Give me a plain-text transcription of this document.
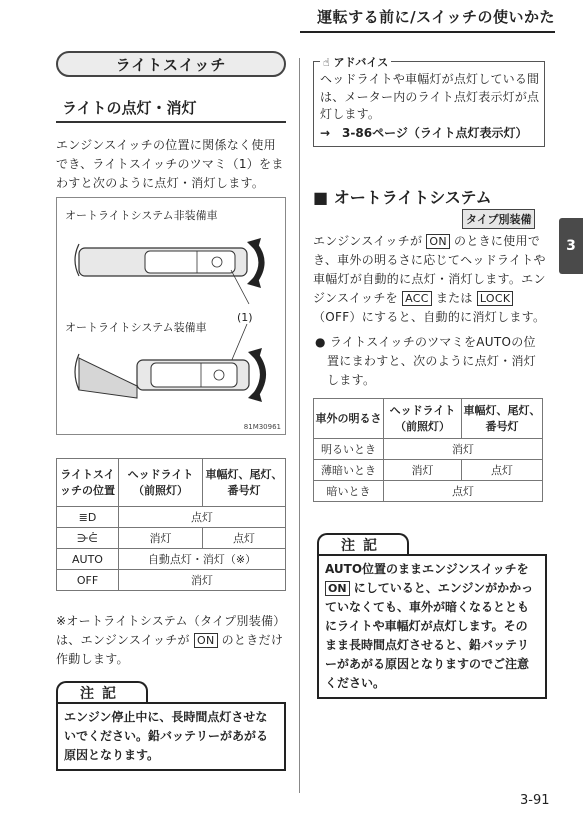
運転する前に/スイッチの使いかた
3
ライトスイッチ
ライトの点灯・消灯
エンジンスイッチの位置に関係なく使用でき、ライトスイッチのツマミ（1）をまわすと次のように点灯・消灯します。
オートライトシステム非装備車
オートライトシステム装備車
(1)
81M30961
ライトスイッチの位置	ヘッドライト（前照灯）	車幅灯、尾灯、番号灯
≣D	点灯	
⋺⋵	消灯	点灯
AUTO	自動点灯・消灯（※）	
OFF	消灯	
※オートライトシステム（タイプ別装備）は、エンジンスイッチが ON のときだけ作動します。
注記
エンジン停止中に、長時間点灯させないでください。鉛バッテリーがあがる原因となります。
☝ アドバイス
ヘッドライトや車幅灯が点灯している間は、メーター内のライト点灯表示灯が点灯します。
→　3-86ページ（ライト点灯表示灯）
■ オートライトシステム
タイプ別装備
エンジンスイッチが ON のときに使用でき、車外の明るさに応じてヘッドライトや車幅灯が自動的に点灯・消灯します。エンジンスイッチを ACC または LOCK （OFF）にすると、自動的に消灯します。
● ライトスイッチのツマミをAUTOの位置にまわすと、次のように点灯・消灯します。
車外の明るさ	ヘッドライト（前照灯）	車幅灯、尾灯、番号灯
明るいとき	消灯	
薄暗いとき	消灯	点灯
暗いとき	点灯	
注記
AUTO位置のままエンジンスイッチを ON にしていると、エンジンがかかっていなくても、車外が暗くなるとともにライトや車幅灯が点灯します。そのまま長時間点灯させると、鉛バッテリーがあがる原因となりますのでご注意ください。
3-91
